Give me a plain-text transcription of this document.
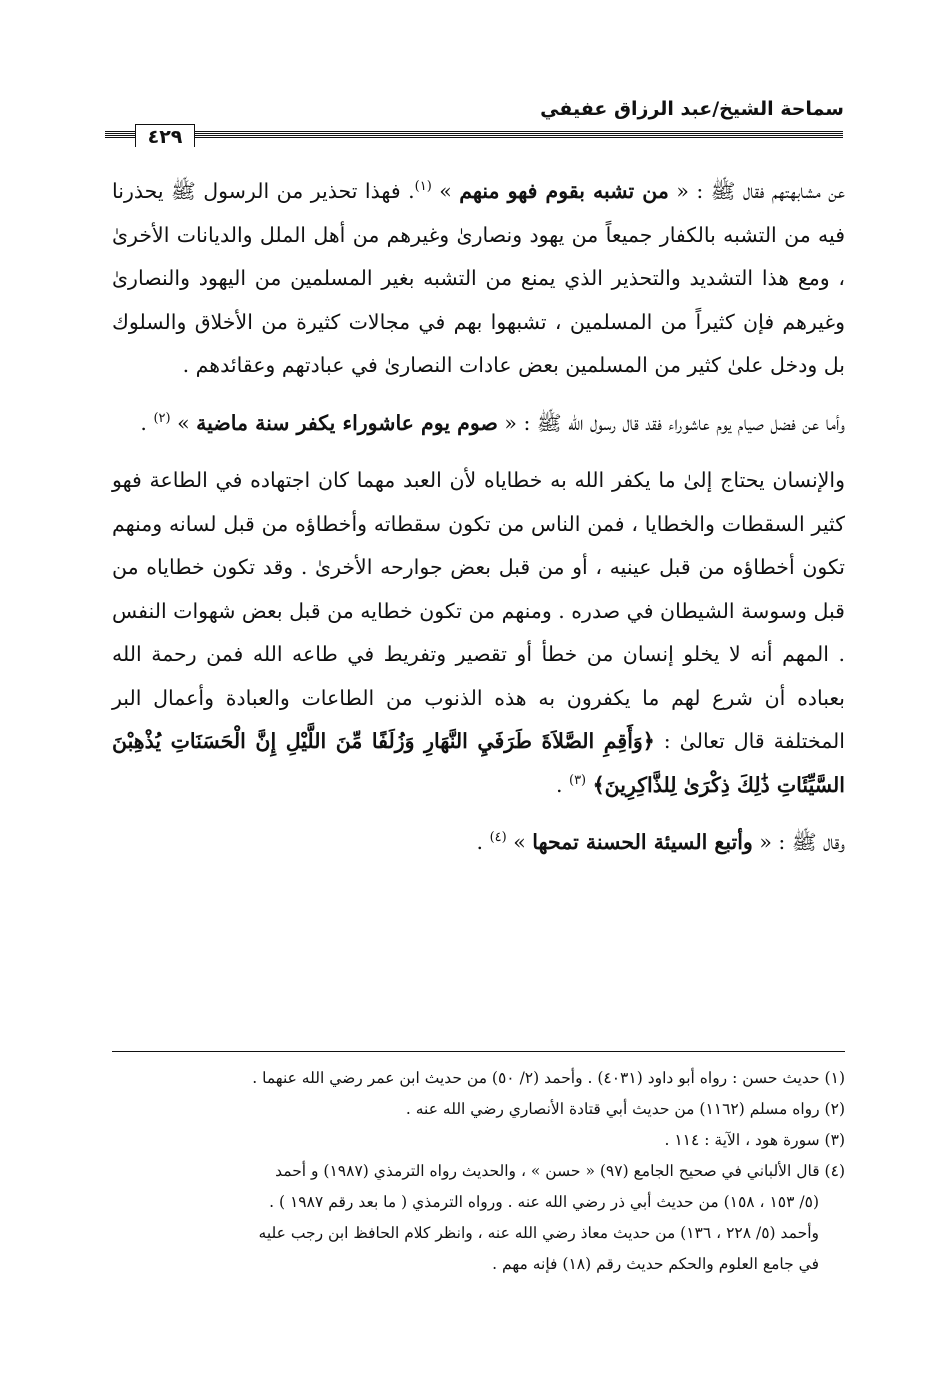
سماحة الشيخ/عبد الرزاق عفيفي
٤٢٩

عن مشابهتهم فقال ﷺ : « من تشبه بقوم فهو منهم » $^{(١)}$. فهذا تحذير من الرسول ﷺ يحذرنا فيه من التشبه بالكفار جميعاً من يهود ونصارىٰ وغيرهم من أهل الملل والديانات الأخرىٰ ، ومع هذا التشديد والتحذير الذي يمنع من التشبه بغير المسلمين من اليهود والنصارىٰ وغيرهم فإن كثيراً من المسلمين ، تشبهوا بهم في مجالات كثيرة من الأخلاق والسلوك بل ودخل علىٰ كثير من المسلمين بعض عادات النصارىٰ في عبادتهم وعقائدهم .

وأما عن فضل صيام يوم عاشوراء فقد قال رسول الله ﷺ : « صوم يوم عاشوراء يكفر سنة ماضية » $^{(٢)}$ .

والإنسان يحتاج إلىٰ ما يكفر الله به خطاياه لأن العبد مهما كان اجتهاده في الطاعة فهو كثير السقطات والخطايا ، فمن الناس من تكون سقطاته وأخطاؤه من قبل لسانه ومنهم تكون أخطاؤه من قبل عينيه ، أو من قبل بعض جوارحه الأخرىٰ . وقد تكون خطاياه من قبل وسوسة الشيطان في صدره . ومنهم من تكون خطايه من قبل بعض شهوات النفس . المهم أنه لا يخلو إنسان من خطأ أو تقصير وتفريط في طاعه الله فمن رحمة الله بعباده أن شرع لهم ما يكفرون به هذه الذنوب من الطاعات والعبادة وأعمال البر المختلفة قال تعالىٰ : ﴿وَأَقِمِ الصَّلاَةَ طَرَفَيِ النَّهَارِ وَزُلَفًا مِّنَ اللَّيْلِ إِنَّ الْحَسَنَاتِ يُذْهِبْنَ السَّيِّئَاتِ ذَٰلِكَ ذِكْرَىٰ لِلذَّاكِرِينَ﴾ $^{(٣)}$ .

وقال ﷺ : « وأتبع السيئة الحسنة تمحها » $^{(٤)}$ .

(١) حديث حسن : رواه أبو داود (٤٠٣١) . وأحمد (٢/ ٥٠) من حديث ابن عمر رضي الله عنهما .

(٢) رواه مسلم (١١٦٢) من حديث أبي قتادة الأنصاري رضي الله عنه .

(٣) سورة هود ، الآية : ١١٤ .

(٤) قال الألباني في صحيح الجامع (٩٧) « حسن » ، والحديث رواه الترمذي (١٩٨٧) و أحمد

(٥/ ١٥٣ ، ١٥٨) من حديث أبي ذر رضي الله عنه . ورواه الترمذي ( ما بعد رقم ١٩٨٧ ) .

وأحمد (٥/ ٢٢٨ ، ١٣٦) من حديث معاذ رضي الله عنه ، وانظر كلام الحافظ ابن رجب عليه

في جامع العلوم والحكم حديث رقم (١٨) فإنه مهم .
